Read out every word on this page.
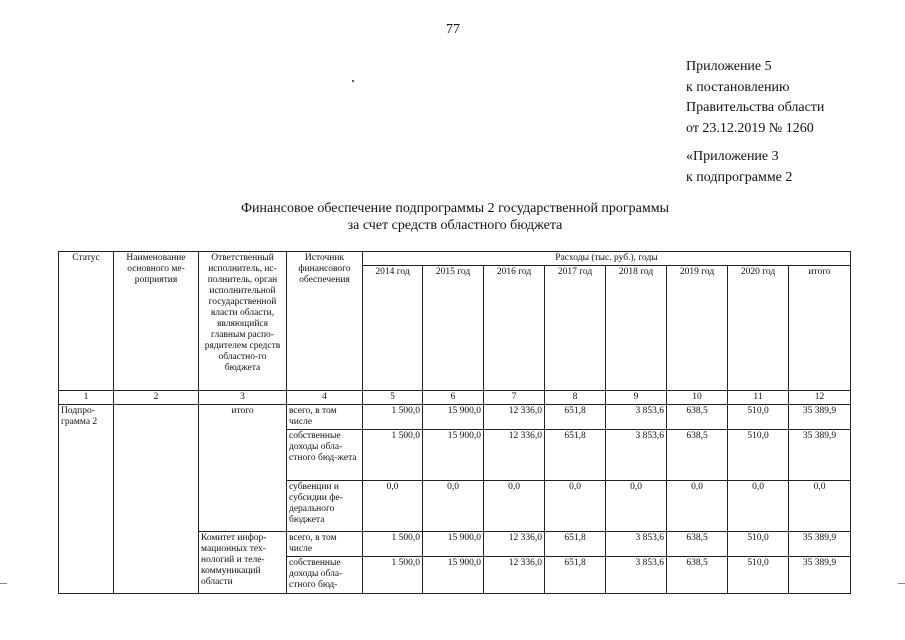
77
Приложение 5
к постановлению
Правительства области
от 23.12.2019 № 1260
«Приложение 3
к подпрограмме 2
Финансовое обеспечение подпрограммы 2 государственной программы
за счет средств областного бюджета
Статус	Наименование основного ме-роприятия	Ответственный исполнитель, ис-полнитель, орган исполнительной государственной власти области, являющийся главным распо-рядителем средств областно-го бюджета	Источник финансового обеспечения	Расходы (тыс. руб.), годы							
				2014 год	2015 год	2016 год	2017 год	2018 год	2019 год	2020 год	итого
1	2	3	4	5	6	7	8	9	10	11	12
Подпро-грамма 2		итого	всего, в том числе	1 500,0	15 900,0	12 336,0	651,8	3 853,6	638,5	510,0	35 389,9
			собственные доходы обла-стного бюд-жета	1 500,0	15 900,0	12 336,0	651,8	3 853,6	638,5	510,0	35 389,9
			субвенции и субсидии фе-дерального бюджета	0,0	0,0	0,0	0,0	0,0	0,0	0,0	0,0
		Комитет инфор-мационных тех-нологий и теле-коммуникаций области	всего, в том числе	1 500,0	15 900,0	12 336,0	651,8	3 853,6	638,5	510,0	35 389,9
			собственные доходы обла-стного бюд-	1 500,0	15 900,0	12 336,0	651,8	3 853,6	638,5	510,0	35 389,9
